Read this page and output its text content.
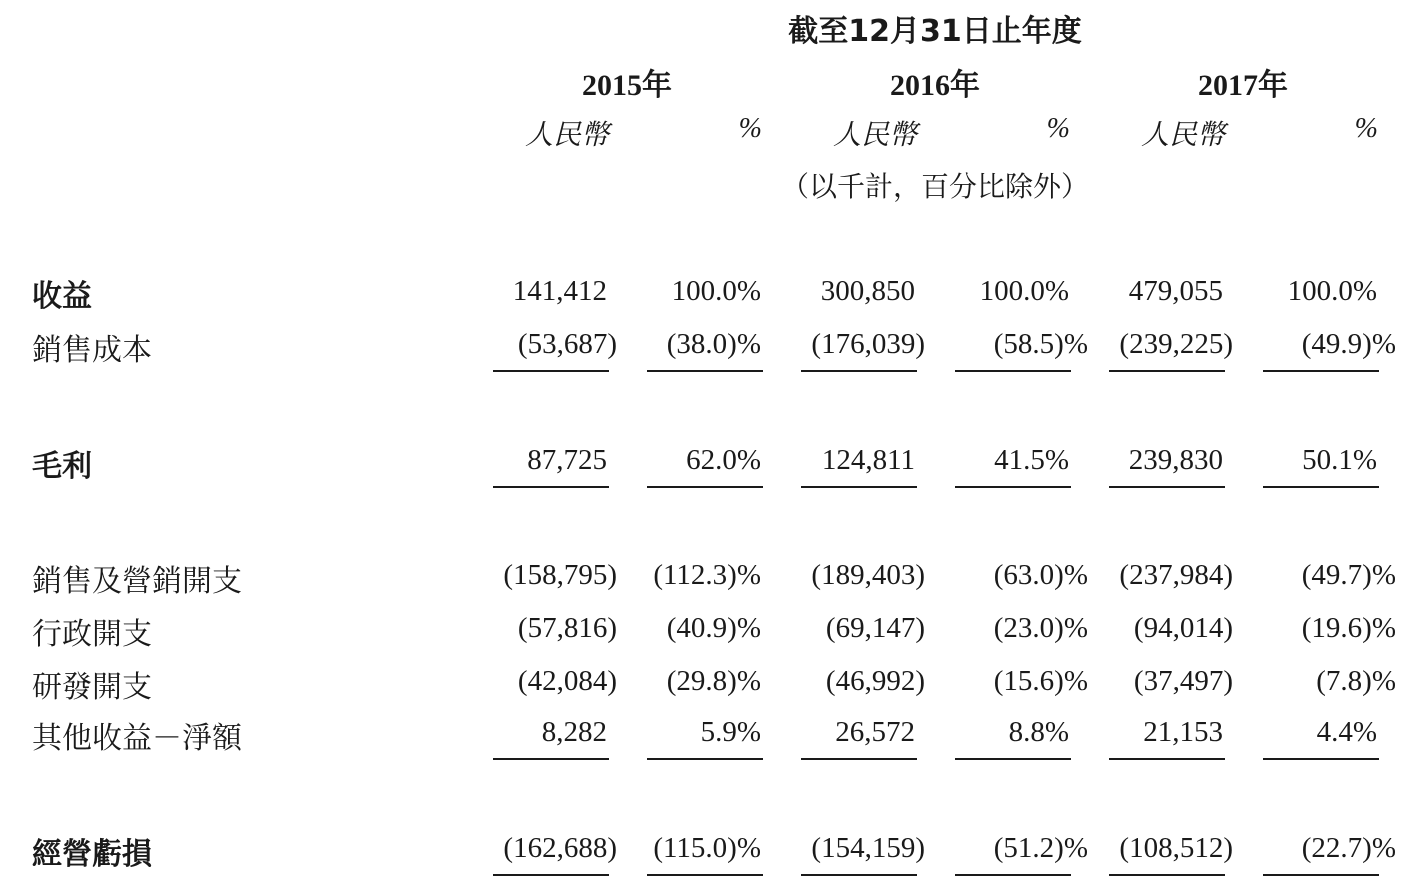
截至12月31日止年度
2015年	2016年	2017年
人民幣	%	人民幣	%	人民幣	%
（以千計，百分比除外）
收益	141,412	100.0%	300,850	100.0%	479,055	100.0%
銷售成本	(53,687)	(38.0)%	(176,039)	(58.5)%	(239,225)	(49.9)%
毛利	87,725	62.0%	124,811	41.5%	239,830	50.1%
銷售及營銷開支	(158,795)	(112.3)%	(189,403)	(63.0)%	(237,984)	(49.7)%
行政開支	(57,816)	(40.9)%	(69,147)	(23.0)%	(94,014)	(19.6)%
研發開支	(42,084)	(29.8)%	(46,992)	(15.6)%	(37,497)	(7.8)%
其他收益－淨額	8,282	5.9%	26,572	8.8%	21,153	4.4%
經營虧損	(162,688)	(115.0)%	(154,159)	(51.2)%	(108,512)	(22.7)%
